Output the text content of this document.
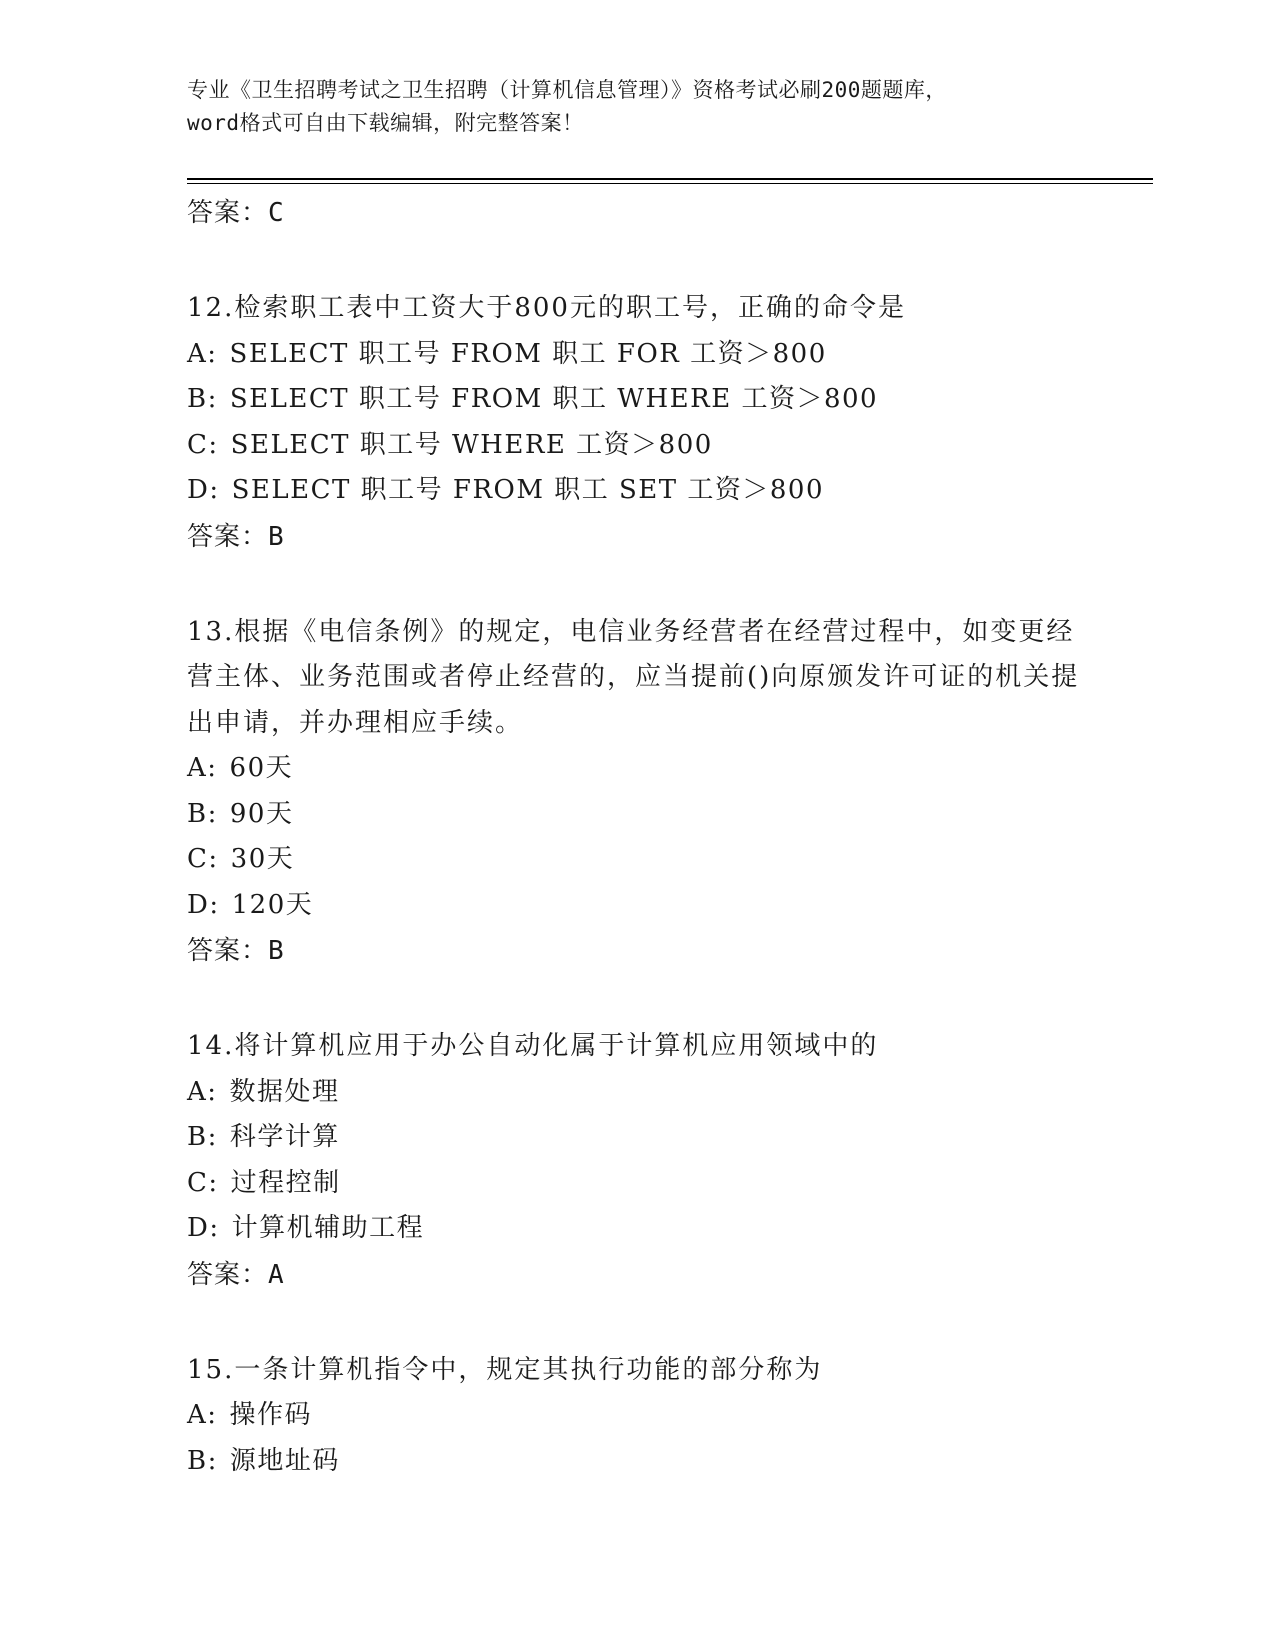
专业《卫生招聘考试之卫生招聘（计算机信息管理）》资格考试必刷200题题库，
word格式可自由下载编辑，附完整答案！
答案：C
12.检索职工表中工资大于800元的职工号，正确的命令是
A: SELECT 职工号 FROM 职工 FOR 工资＞800
B: SELECT 职工号 FROM 职工 WHERE 工资＞800
C: SELECT 职工号 WHERE 工资＞800
D: SELECT 职工号 FROM 职工 SET 工资＞800
答案：B
13.根据《电信条例》的规定，电信业务经营者在经营过程中，如变更经营主体、业务范围或者停止经营的，应当提前()向原颁发许可证的机关提出申请，并办理相应手续。
A: 60天
B: 90天
C: 30天
D: 120天
答案：B
14.将计算机应用于办公自动化属于计算机应用领域中的
A: 数据处理
B: 科学计算
C: 过程控制
D: 计算机辅助工程
答案：A
15.一条计算机指令中，规定其执行功能的部分称为
A: 操作码
B: 源地址码
